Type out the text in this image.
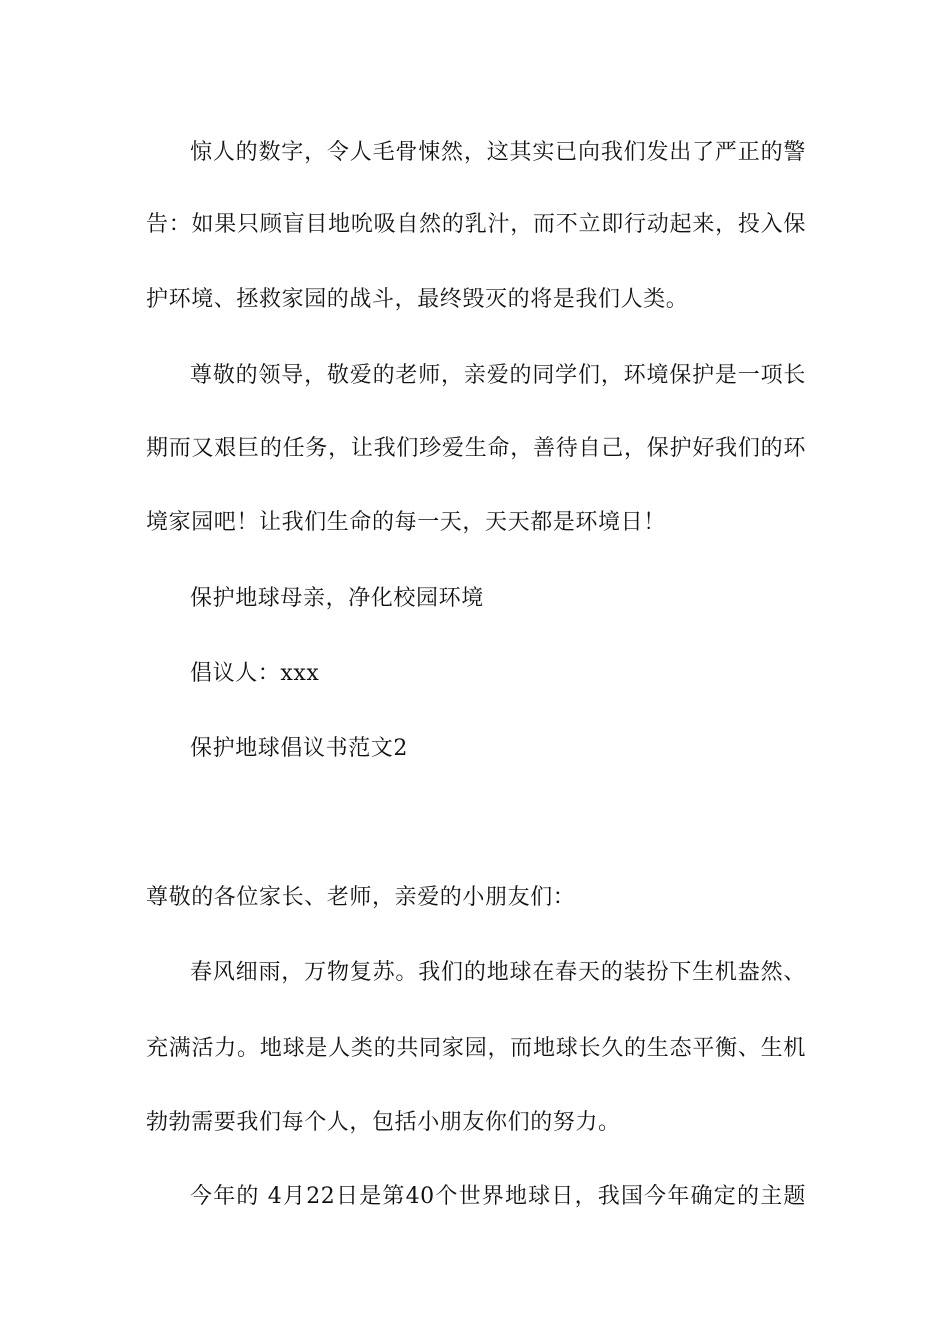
惊人的数字，令人毛骨悚然，这其实已向我们发出了严正的警
告：如果只顾盲目地吮吸自然的乳汁，而不立即行动起来，投入保
护环境、拯救家园的战斗，最终毁灭的将是我们人类。
尊敬的领导，敬爱的老师，亲爱的同学们，环境保护是一项长
期而又艰巨的任务，让我们珍爱生命，善待自己，保护好我们的环
境家园吧！让我们生命的每一天，天天都是环境日！
保护地球母亲，净化校园环境
倡议人：xxx
保护地球倡议书范文2
尊敬的各位家长、老师，亲爱的小朋友们：
春风细雨，万物复苏。我们的地球在春天的装扮下生机盎然、
充满活力。地球是人类的共同家园，而地球长久的生态平衡、生机
勃勃需要我们每个人，包括小朋友你们的努力。
今年的 4月22日是第40个世界地球日，我国今年确定的主题
